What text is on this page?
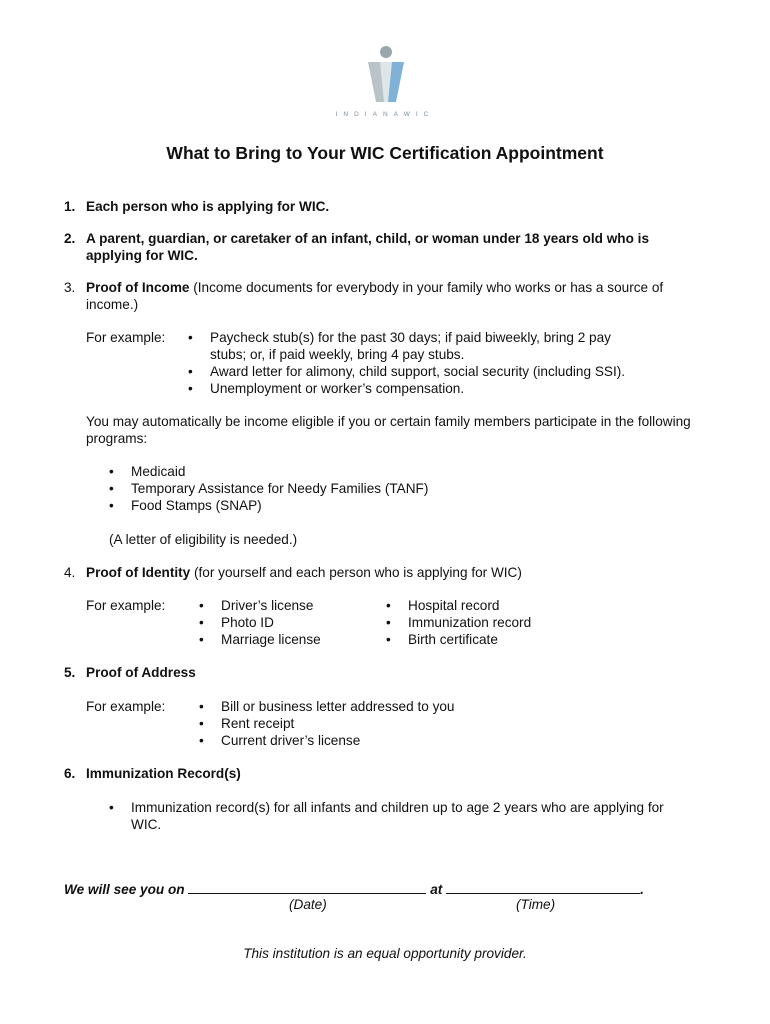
INDIANAWIC
What to Bring to Your WIC Certification Appointment
1. Each person who is applying for WIC.
2. A parent, guardian, or caretaker of an infant, child, or woman under 18 years old who is applying for WIC.
3. Proof of Income (Income documents for everybody in your family who works or has a source of income.)
For example:	• Paycheck stub(s) for the past 30 days; if paid biweekly, bring 2 pay stubs; or, if paid weekly, bring 4 pay stubs.
• Award letter for alimony, child support, social security (including SSI).
• Unemployment or worker’s compensation.
You may automatically be income eligible if you or certain family members participate in the following programs:
• Medicaid
• Temporary Assistance for Needy Families (TANF)
• Food Stamps (SNAP)
(A letter of eligibility is needed.)
4. Proof of Identity (for yourself and each person who is applying for WIC)
For example:	• Driver’s license
• Photo ID
• Marriage license
• Hospital record
• Immunization record
• Birth certificate
5. Proof of Address
For example:	• Bill or business letter addressed to you
• Rent receipt
• Current driver’s license
6. Immunization Record(s)
• Immunization record(s) for all infants and children up to age 2 years who are applying for WIC.
We will see you on	at	.
(Date)	(Time)
This institution is an equal opportunity provider.
